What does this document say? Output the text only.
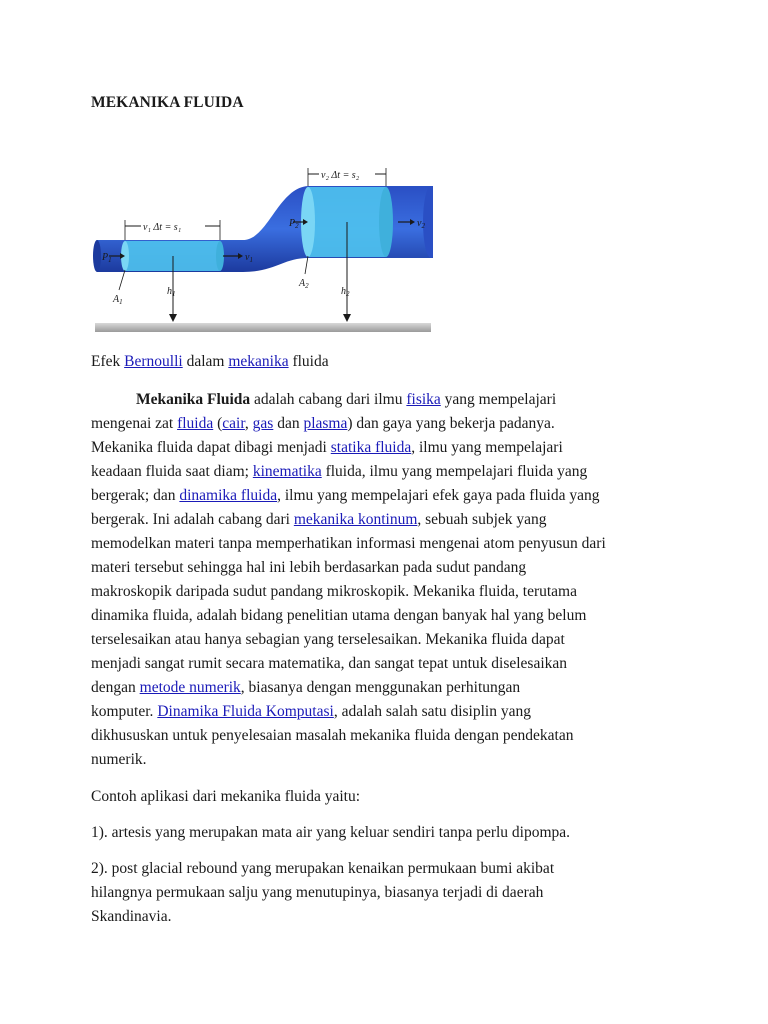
MEKANIKA FLUIDA
v₁ Δt = s₁
v₂ Δt = s₂
$P_1$	$v_1$
$A_1$
$h_1$
$A_2$	$h_2$
$P_2$	$v_2$

Efek Bernoulli dalam mekanika fluida

Mekanika Fluida adalah cabang dari ilmu fisika yang mempelajari
mengenai zat fluida (cair, gas dan plasma) dan gaya yang bekerja padanya.
Mekanika fluida dapat dibagi menjadi statika fluida, ilmu yang mempelajari
keadaan fluida saat diam; kinematika fluida, ilmu yang mempelajari fluida yang
bergerak; dan dinamika fluida, ilmu yang mempelajari efek gaya pada fluida yang
bergerak. Ini adalah cabang dari mekanika kontinum, sebuah subjek yang
memodelkan materi tanpa memperhatikan informasi mengenai atom penyusun dari
materi tersebut sehingga hal ini lebih berdasarkan pada sudut pandang
makroskopik daripada sudut pandang mikroskopik. Mekanika fluida, terutama
dinamika fluida, adalah bidang penelitian utama dengan banyak hal yang belum
terselesaikan atau hanya sebagian yang terselesaikan. Mekanika fluida dapat
menjadi sangat rumit secara matematika, dan sangat tepat untuk diselesaikan
dengan metode numerik, biasanya dengan menggunakan perhitungan
komputer. Dinamika Fluida Komputasi, adalah salah satu disiplin yang
dikhususkan untuk penyelesaian masalah mekanika fluida dengan pendekatan
numerik.

Contoh aplikasi dari mekanika fluida yaitu:

1). artesis yang merupakan mata air yang keluar sendiri tanpa perlu dipompa.

2). post glacial rebound yang merupakan kenaikan permukaan bumi akibat
hilangnya permukaan salju yang menutupinya, biasanya terjadi di daerah
Skandinavia.
